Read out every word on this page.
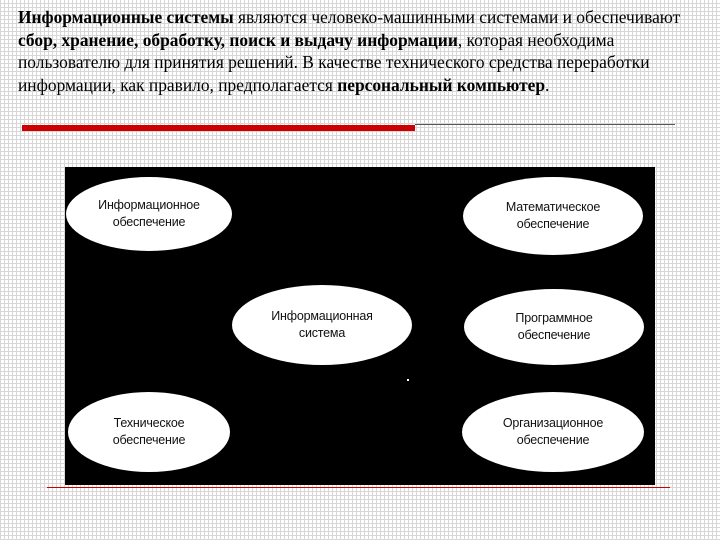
Информационные системы являются человеко-машинными системами и обеспечивают сбор, хранение, обработку, поиск и выдачу информации, которая необходима пользователю для принятия решений. В качестве технического средства переработки информации, как правило, предполагается персональный компьютер.
Информационное
обеспечение
Математическое
обеспечение
Информационная
система
Программное
обеспечение
Техническое
обеспечение
Организационное
обеспечение
